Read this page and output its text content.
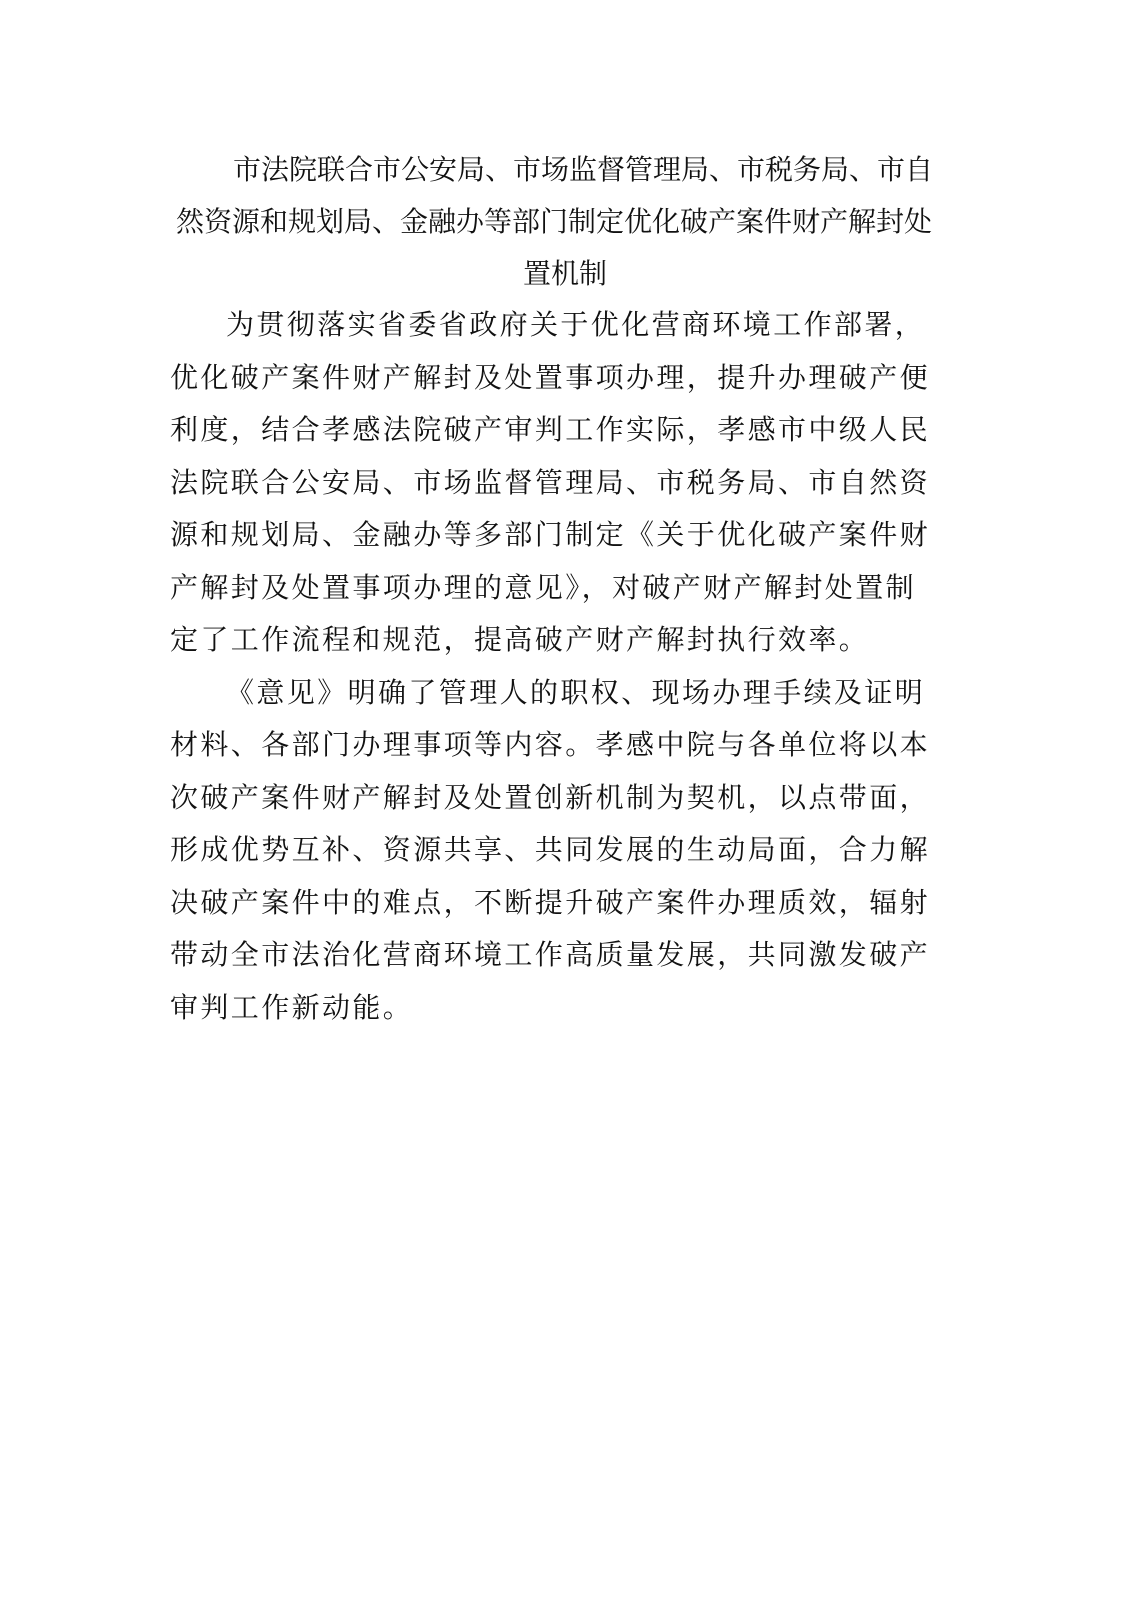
市法院联合市公安局、市场监督管理局、市税务局、市自
然资源和规划局、金融办等部门制定优化破产案件财产解封处
置机制
为贯彻落实省委省政府关于优化营商环境工作部署，
优化破产案件财产解封及处置事项办理，提升办理破产便
利度，结合孝感法院破产审判工作实际，孝感市中级人民
法院联合公安局、市场监督管理局、市税务局、市自然资
源和规划局、金融办等多部门制定《关于优化破产案件财
产解封及处置事项办理的意见》，对破产财产解封处置制
定了工作流程和规范，提高破产财产解封执行效率。
《意见》明确了管理人的职权、现场办理手续及证明
材料、各部门办理事项等内容。孝感中院与各单位将以本
次破产案件财产解封及处置创新机制为契机，以点带面，
形成优势互补、资源共享、共同发展的生动局面，合力解
决破产案件中的难点，不断提升破产案件办理质效，辐射
带动全市法治化营商环境工作高质量发展，共同激发破产
审判工作新动能。
